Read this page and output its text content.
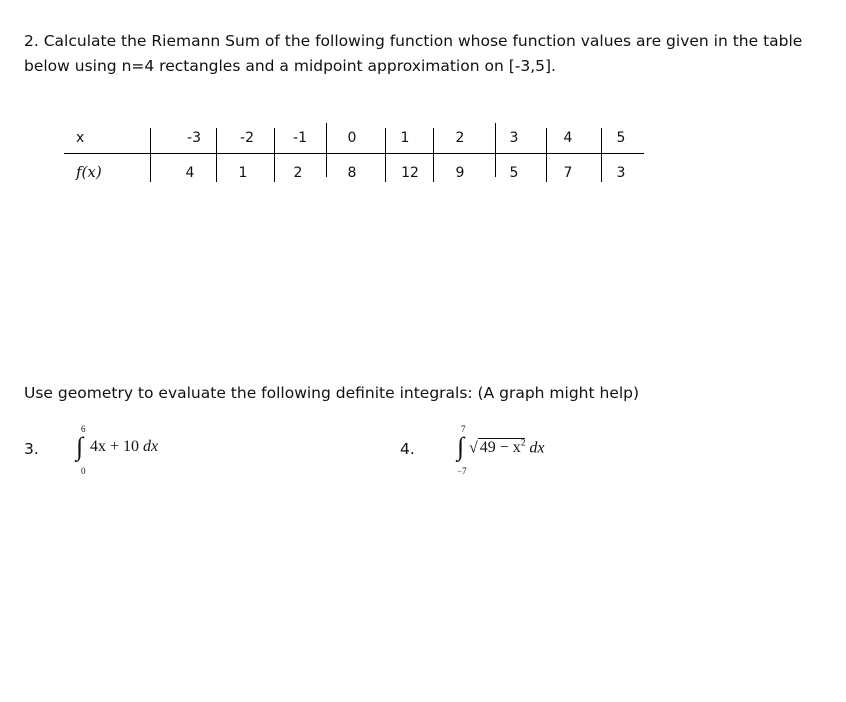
2. Calculate the Riemann Sum of the following function whose function values are given in the table
below using n=4 rectangles and a midpoint approximation on [-3,5].
x	-3	-2	-1	0	1	2	3	4	5
f(x)	4	1	2	8	12	9	5	7	3
Use geometry to evaluate the following definite integrals: (A graph might help)
3.
6
∫
0
4x + 10 dx	4.
7
∫
−7
√ $49 - x^2$ dx
